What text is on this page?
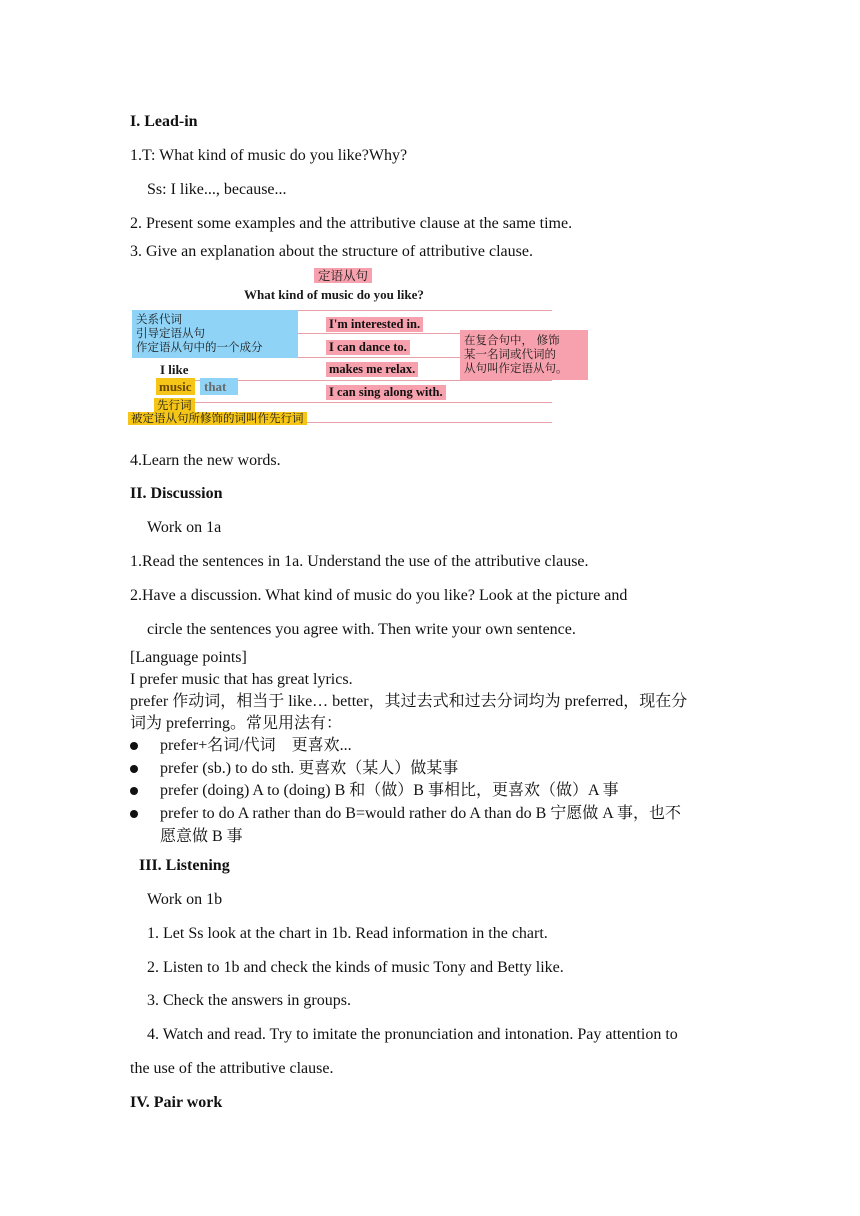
I. Lead-in
1.T: What kind of music do you like?Why?
Ss: I like..., because...
2. Present some examples and the attributive clause at the same time.
3. Give an explanation about the structure of attributive clause.
定语从句
What kind of music do you like?
关系代词
引导定语从句
作定语从句中的一个成分
I'm interested in.
I can dance to.
makes me relax.
I can sing along with.
在复合句中， 修饰
某一名词或代词的
从句叫作定语从句。
I like
music that
先行词
被定语从句所修饰的词叫作先行词
4.Learn the new words.
II. Discussion
Work on 1a
1.Read the sentences in 1a. Understand the use of the attributive clause.
2.Have a discussion. What kind of music do you like? Look at the picture and
circle the sentences you agree with. Then write your own sentence.
[Language points]
I prefer music that has great lyrics.
prefer 作动词，相当于 like… better，其过去式和过去分词均为 preferred，现在分
词为 preferring。常见用法有：
prefer+名词/代词　更喜欢...
prefer (sb.) to do sth. 更喜欢（某人）做某事
prefer (doing) A to (doing) B 和（做）B 事相比，更喜欢（做）A 事
prefer to do A rather than do B=would rather do A than do B 宁愿做 A 事，也不
愿意做 B 事
III. Listening
Work on 1b
1. Let Ss look at the chart in 1b. Read information in the chart.
2. Listen to 1b and check the kinds of music Tony and Betty like.
3. Check the answers in groups.
4. Watch and read. Try to imitate the pronunciation and intonation. Pay attention to
the use of the attributive clause.
IV. Pair work
